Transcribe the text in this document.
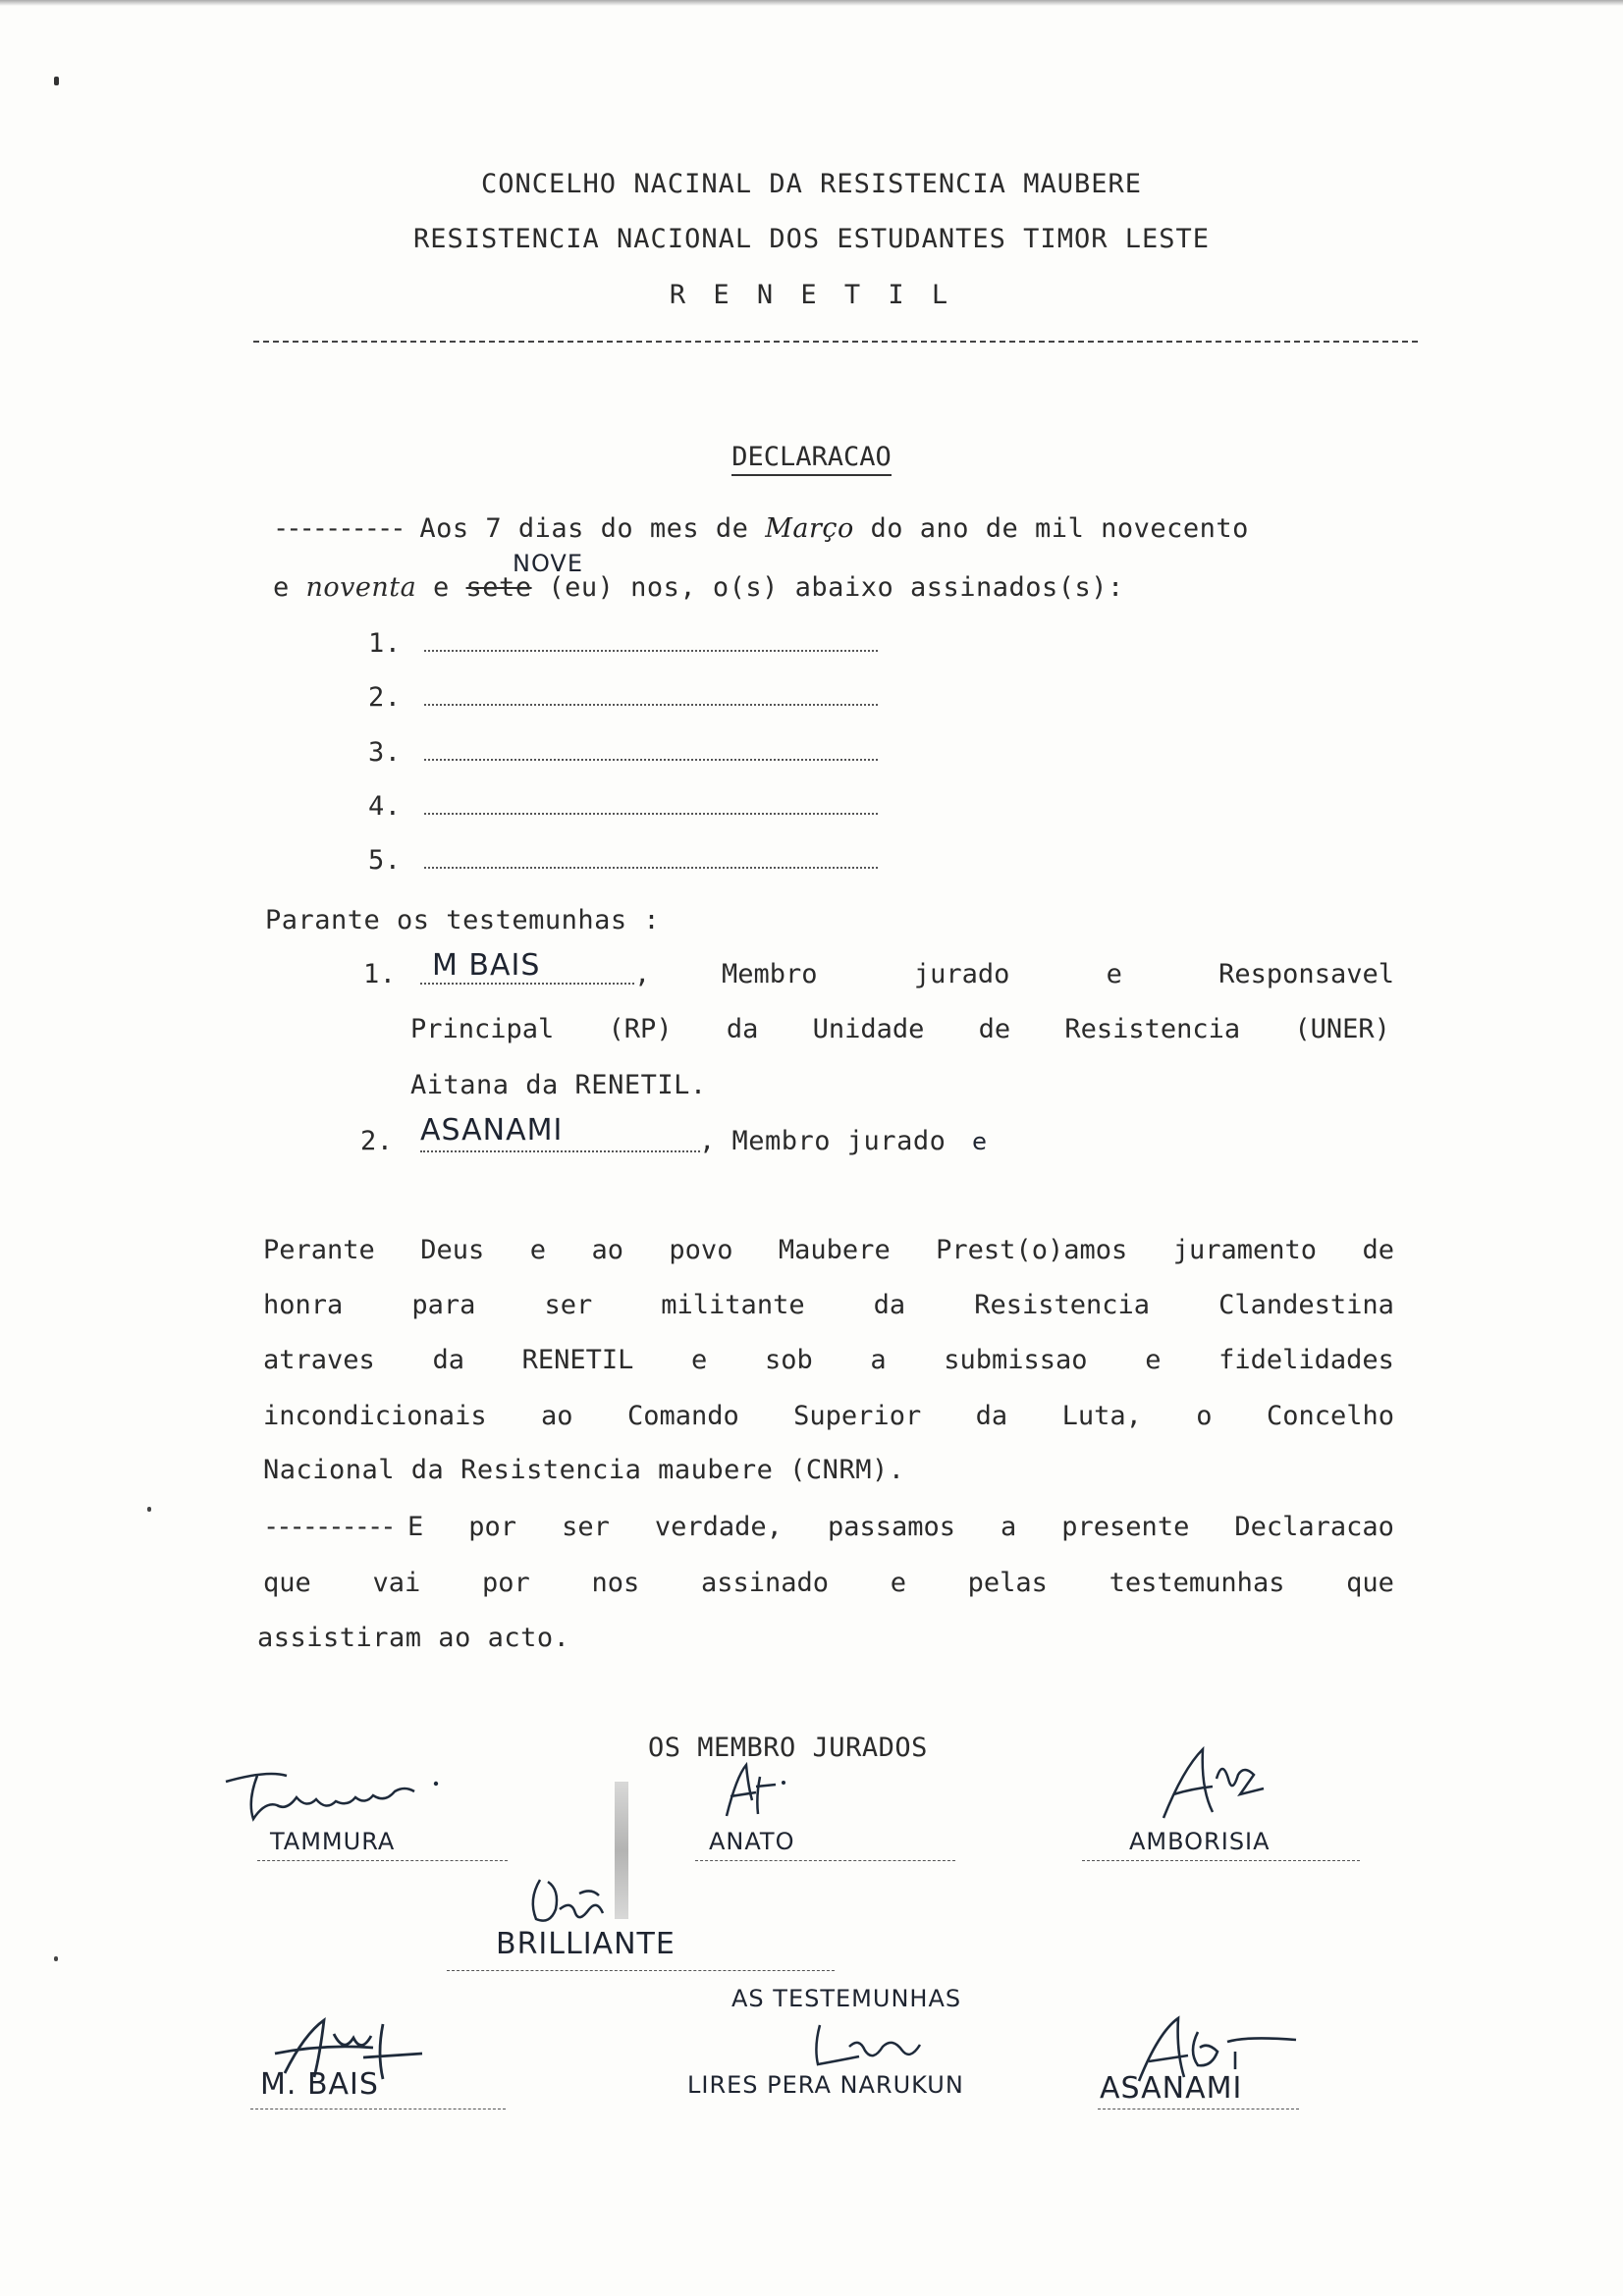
CONCELHO NACINAL DA RESISTENCIA MAUBERE
RESISTENCIA NACIONAL DOS ESTUDANTES TIMOR LESTE
R E N E T I L
DECLARACAO
---------- Aos 7 dias do mes de Março do ano de mil novecento
NOVE
e noventa e sete (eu) nos, o(s) abaixo assinados(s):
1.
2.
3.
4.
5.
Parante os testemunhas :
1. M BAIS	,	Membro	jurado	e	Responsavel
Principal (RP) da Unidade de Resistencia (UNER)
Aitana da RENETIL.
2. ASANAMI	, Membro jurado e
Perante Deus e ao povo Maubere Prest(o)amos juramento de
honra	para	ser	militante	da	Resistencia	Clandestina
atraves da RENETIL e sob a submissao e fidelidades
incondicionais ao Comando Superior da Luta, o Concelho
Nacional da Resistencia maubere (CNRM).
---------- E por ser verdade, passamos a presente Declaracao
que vai por nos assinado e pelas testemunhas que
assistiram ao acto.
OS MEMBRO JURADOS
TAMMURA	ANATO	AMBORISIA
BRILLIANTE
AS TESTEMUNHAS
M. BAIS	LIRES PERA NARUKUN	ASANAMI
